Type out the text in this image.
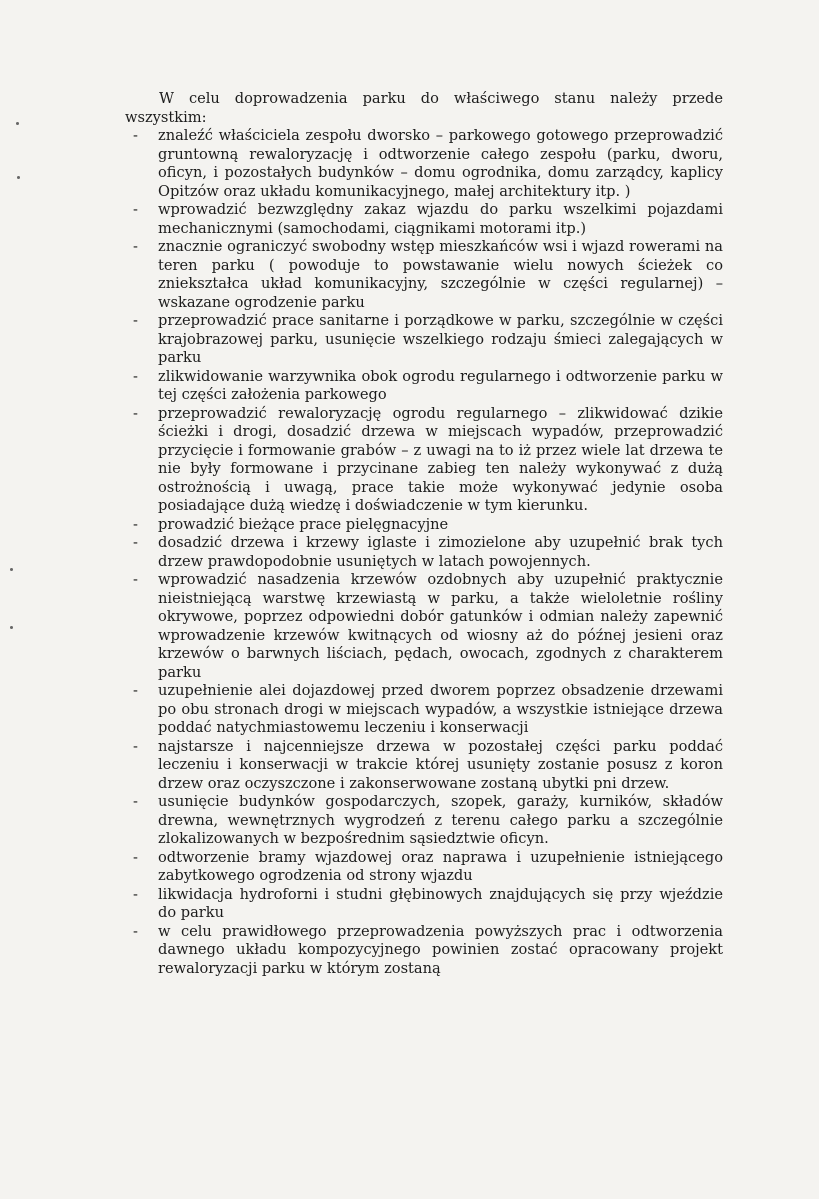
W celu doprowadzenia parku do właściwego stanu należy przede wszystkim:

- znaleźć właściciela zespołu dworsko – parkowego gotowego przeprowadzić gruntowną rewaloryzację i odtworzenie całego zespołu (parku, dworu, oficyn, i pozostałych budynków – domu ogrodnika, domu zarządcy, kaplicy Opitzów oraz układu komunikacyjnego, małej architektury itp. )
- wprowadzić bezwzględny zakaz wjazdu do parku wszelkimi pojazdami mechanicznymi (samochodami, ciągnikami motorami itp.)
- znacznie ograniczyć swobodny wstęp mieszkańców wsi i wjazd rowerami na teren parku ( powoduje to powstawanie wielu nowych ścieżek co zniekształca układ komunikacyjny, szczególnie w części regularnej) – wskazane ogrodzenie parku
- przeprowadzić prace sanitarne i porządkowe w parku, szczególnie w części krajobrazowej parku, usunięcie wszelkiego rodzaju śmieci zalegających w parku
- zlikwidowanie warzywnika obok ogrodu regularnego i odtworzenie parku w tej części założenia parkowego
- przeprowadzić rewaloryzację ogrodu regularnego – zlikwidować dzikie ścieżki i drogi, dosadzić drzewa w miejscach wypadów, przeprowadzić przycięcie i formowanie grabów – z uwagi na to iż przez wiele lat drzewa te nie były formowane i przycinane zabieg ten należy wykonywać z dużą ostrożnością i uwagą, prace takie może wykonywać jedynie osoba posiadające dużą wiedzę i doświadczenie w tym kierunku.
- prowadzić bieżące prace pielęgnacyjne
- dosadzić drzewa i krzewy iglaste i zimozielone aby uzupełnić brak tych drzew prawdopodobnie usuniętych w latach powojennych.
- wprowadzić nasadzenia krzewów ozdobnych aby uzupełnić praktycznie nieistniejącą warstwę krzewiastą w parku, a także wieloletnie rośliny okrywowe, poprzez odpowiedni dobór gatunków i odmian należy zapewnić wprowadzenie krzewów kwitnących od wiosny aż do późnej jesieni oraz krzewów o barwnych liściach, pędach, owocach, zgodnych z charakterem parku
- uzupełnienie alei dojazdowej przed dworem poprzez obsadzenie drzewami po obu stronach drogi w miejscach wypadów, a wszystkie istniejące drzewa poddać natychmiastowemu leczeniu i konserwacji
- najstarsze i najcenniejsze drzewa w pozostałej części parku poddać leczeniu i konserwacji w trakcie której usunięty zostanie posusz z koron drzew oraz oczyszczone i zakonserwowane zostaną ubytki pni drzew.
- usunięcie budynków gospodarczych, szopek, garaży, kurników, składów drewna, wewnętrznych wygrodzeń z terenu całego parku a szczególnie zlokalizowanych w bezpośrednim sąsiedztwie oficyn.
- odtworzenie bramy wjazdowej oraz naprawa i uzupełnienie istniejącego zabytkowego ogrodzenia od strony wjazdu
- likwidacja hydroforni i studni głębinowych znajdujących się przy wjeździe do parku
- w celu prawidłowego przeprowadzenia powyższych prac i odtworzenia dawnego układu kompozycyjnego powinien zostać opracowany projekt rewaloryzacji parku w którym zostaną
